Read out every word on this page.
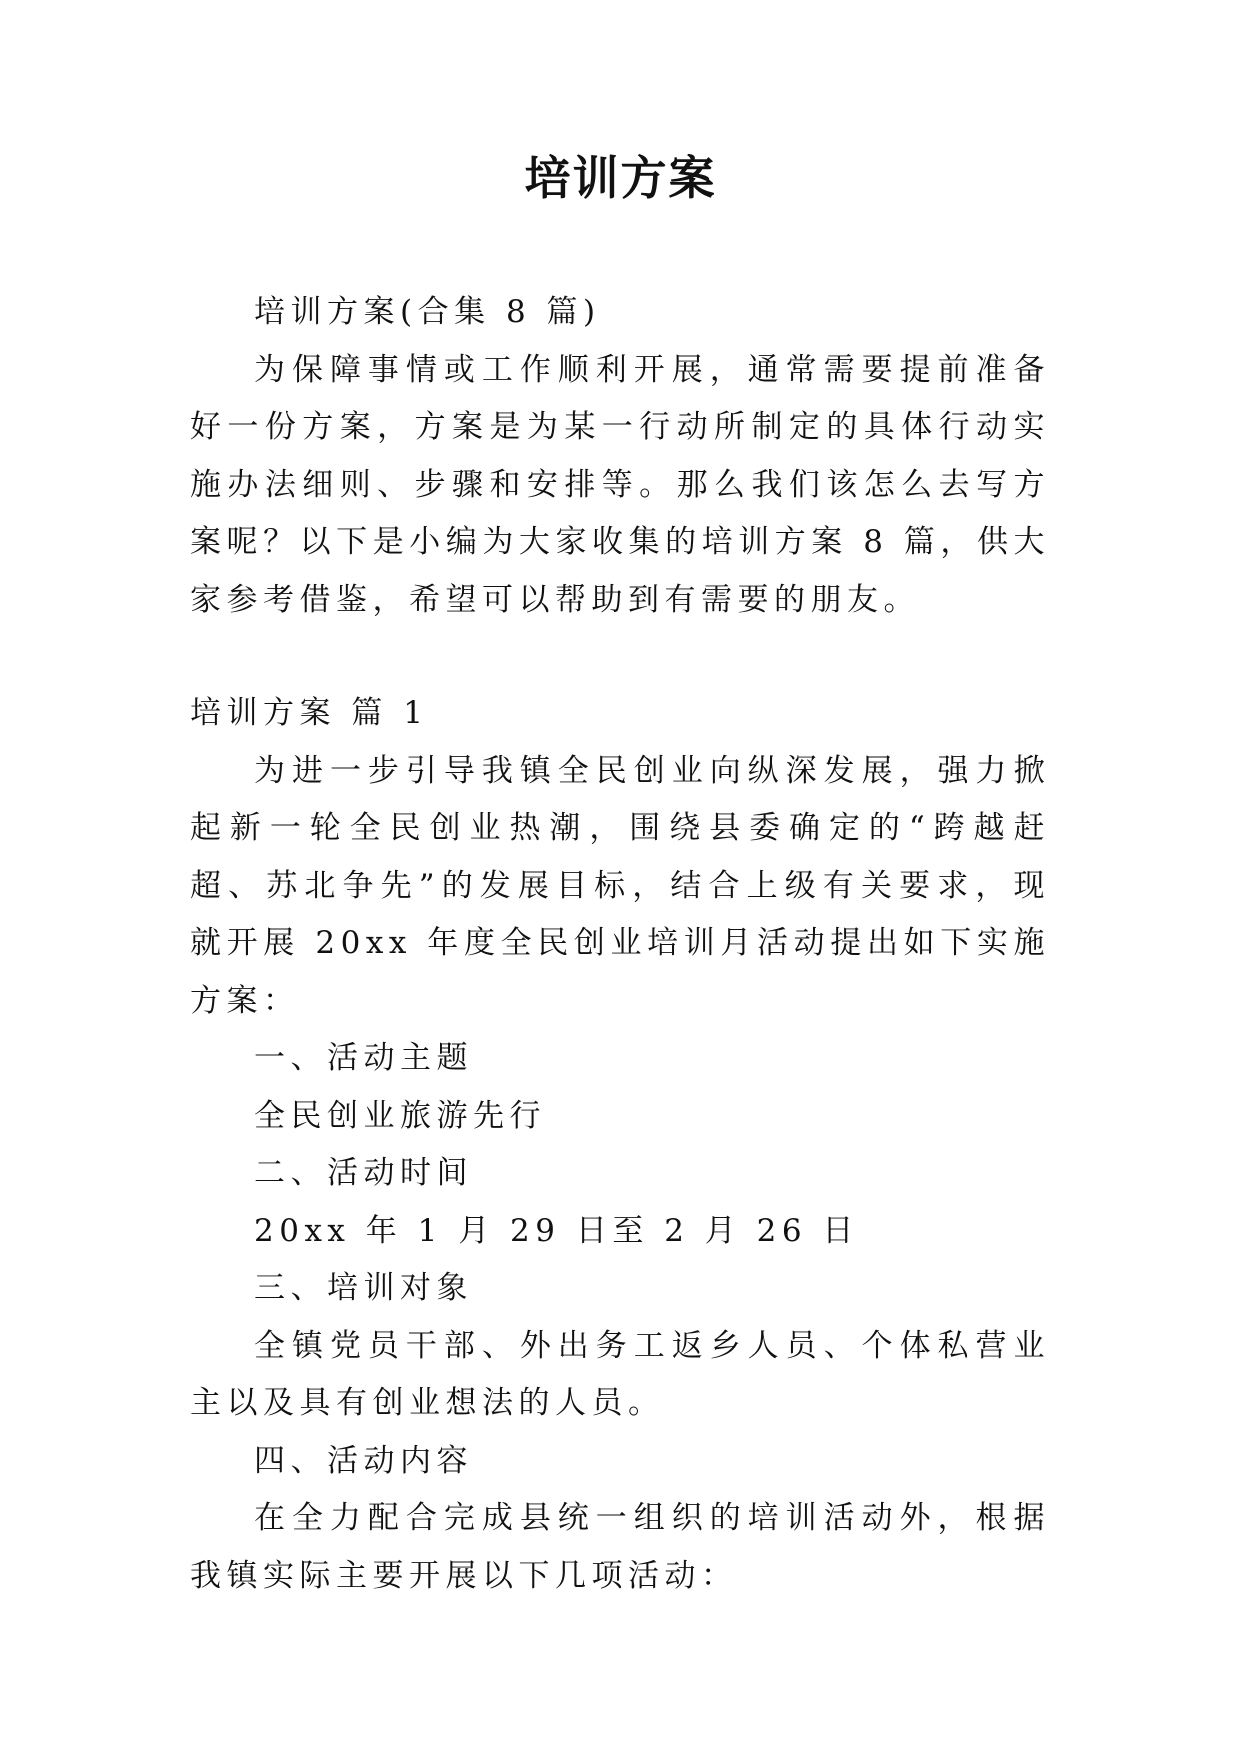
培训方案

培训方案(合集 8 篇)

为保障事情或工作顺利开展，通常需要提前准备好一份方案，方案是为某一行动所制定的具体行动实施办法细则、步骤和安排等。那么我们该怎么去写方案呢？以下是小编为大家收集的培训方案 8 篇，供大家参考借鉴，希望可以帮助到有需要的朋友。

培训方案 篇 1

为进一步引导我镇全民创业向纵深发展，强力掀起新一轮全民创业热潮，围绕县委确定的“跨越赶超、苏北争先”的发展目标，结合上级有关要求，现就开展 20xx 年度全民创业培训月活动提出如下实施方案：

一、活动主题

全民创业旅游先行

二、活动时间

20xx 年 1 月 29 日至 2 月 26 日

三、培训对象

全镇党员干部、外出务工返乡人员、个体私营业主以及具有创业想法的人员。

四、活动内容

在全力配合完成县统一组织的培训活动外，根据我镇实际主要开展以下几项活动：
